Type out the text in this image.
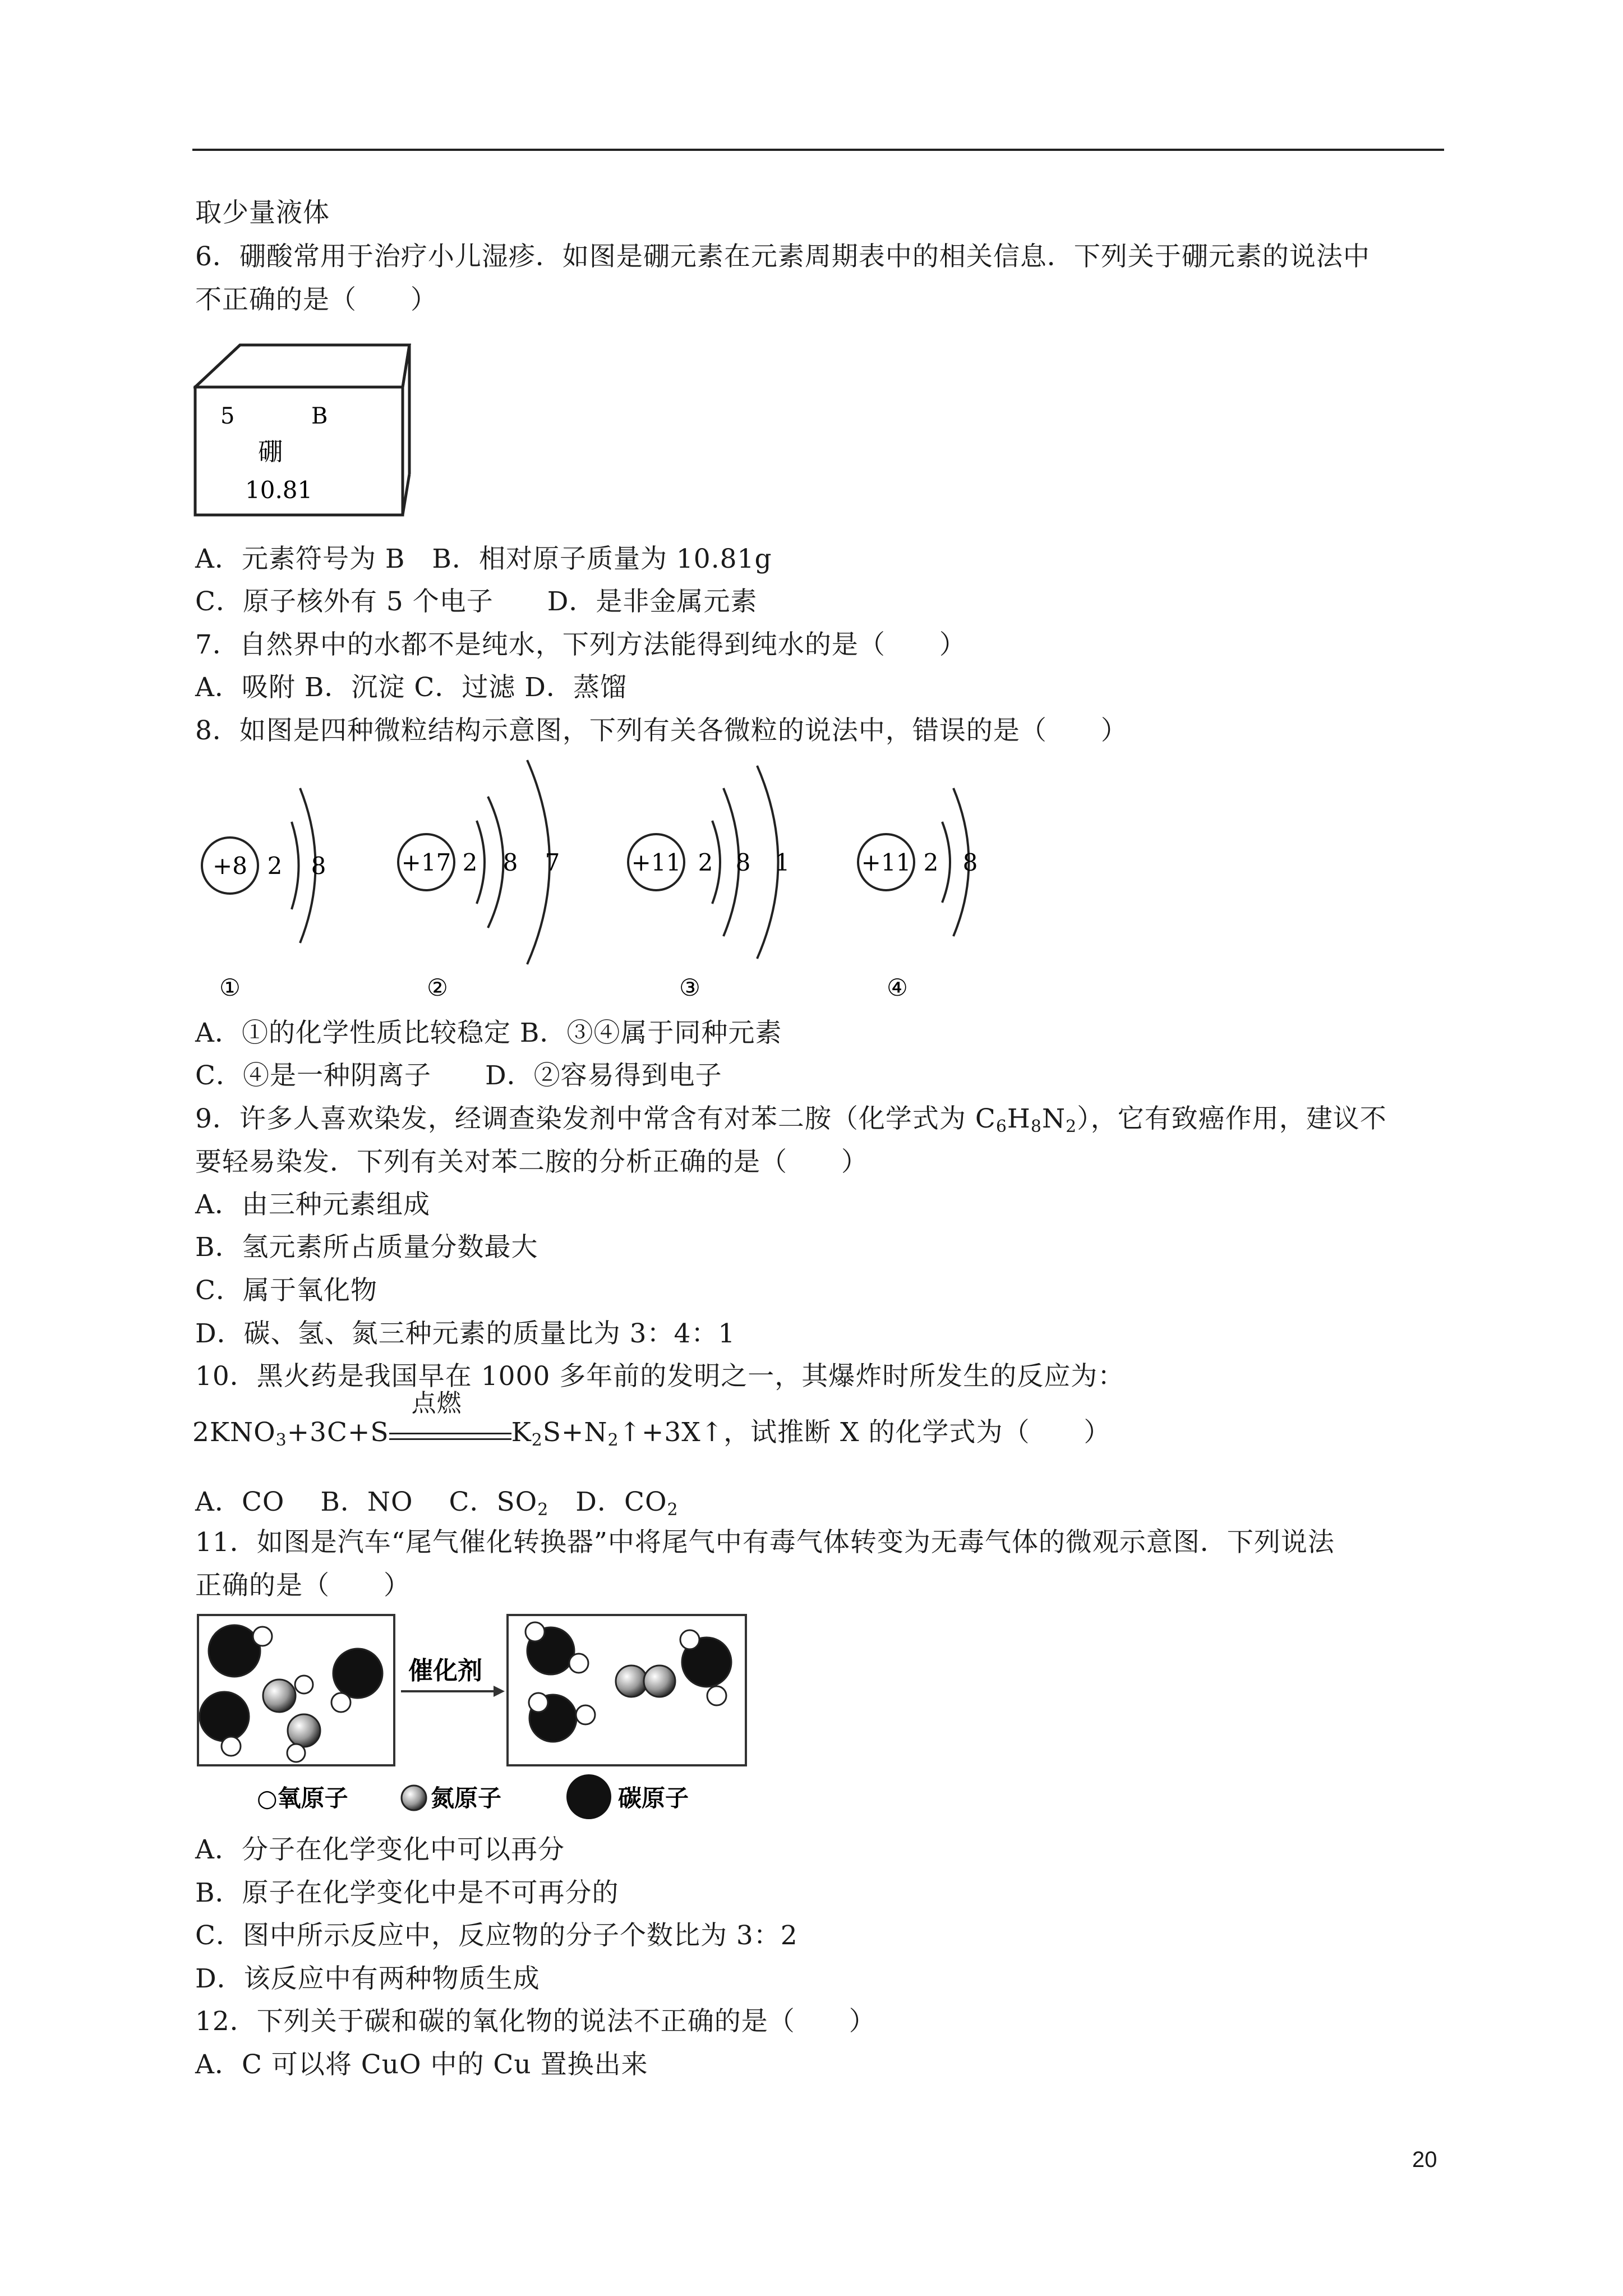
取少量液体
6．硼酸常用于治疗小儿湿疹．如图是硼元素在元素周期表中的相关信息．下列关于硼元素的说法中
不正确的是（　　）
5	B
硼
10.81
A．元素符号为 B　B．相对原子质量为 10.81g
C．原子核外有 5 个电子　　D．是非金属元素
7．自然界中的水都不是纯水，下列方法能得到纯水的是（　　）
A．吸附 B．沉淀 C．过滤 D．蒸馏
8．如图是四种微粒结构示意图，下列有关各微粒的说法中，错误的是（　　）
+8 2 8
①
+17 2 8 7
②
+11 2 8 1
③
+11 2 8
④
A．①的化学性质比较稳定 B．③④属于同种元素
C．④是一种阴离子　　D．②容易得到电子
9．许多人喜欢染发，经调查染发剂中常含有对苯二胺（化学式为 $C_6H_8N_2$），它有致癌作用，建议不
要轻易染发．下列有关对苯二胺的分析正确的是（　　）
A．由三种元素组成
B．氢元素所占质量分数最大
C．属于氧化物
D．碳、氢、氮三种元素的质量比为 3：4：1
10．黑火药是我国早在 1000 多年前的发明之一，其爆炸时所发生的反应为：
$2KNO_3+3C+S$
点燃
$K_2S+N_2↑+3X↑$，试推断 X 的化学式为（　　）
A．CO　 B．NO　 C．$SO_2$　D．$CO_2$
11．如图是汽车“尾气催化转换器”中将尾气中有毒气体转变为无毒气体的微观示意图．下列说法
正确的是（　　）
催化剂
○氧原子	氮原子	碳原子
A．分子在化学变化中可以再分
B．原子在化学变化中是不可再分的
C．图中所示反应中，反应物的分子个数比为 3：2
D．该反应中有两种物质生成
12．下列关于碳和碳的氧化物的说法不正确的是（　　）
A．C 可以将 CuO 中的 Cu 置换出来
20
